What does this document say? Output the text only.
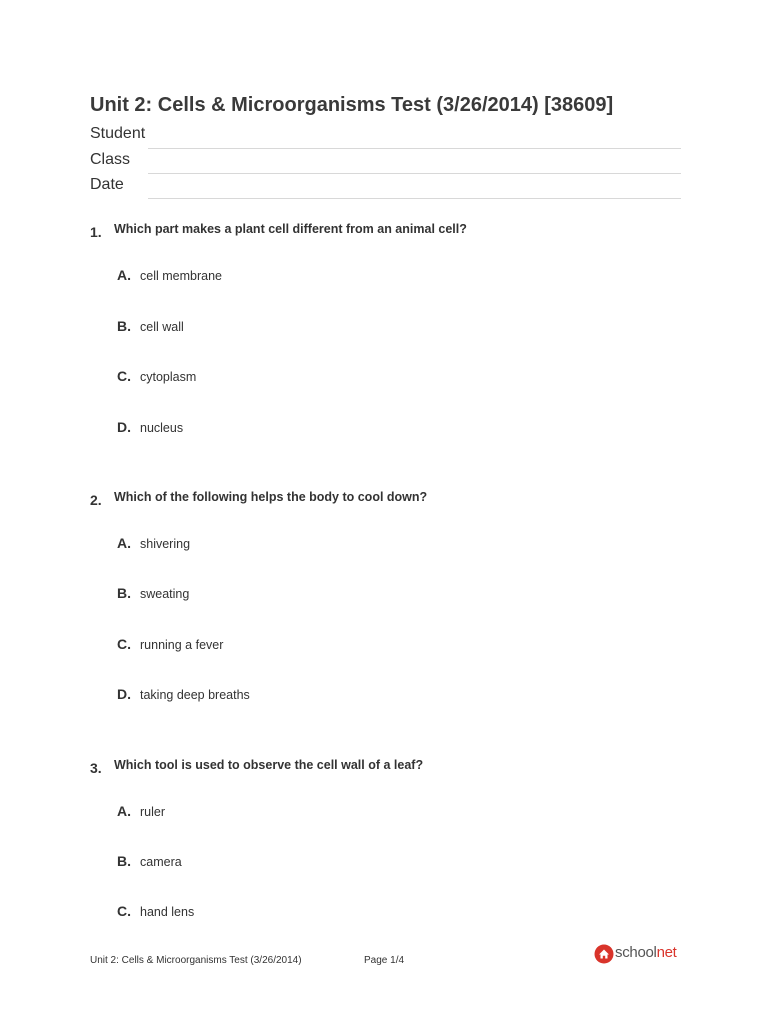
Unit 2: Cells & Microorganisms Test (3/26/2014) [38609]
Student
Class
Date
1. Which part makes a plant cell different from an animal cell?
A. cell membrane
B. cell wall
C. cytoplasm
D. nucleus
2. Which of the following helps the body to cool down?
A. shivering
B. sweating
C. running a fever
D. taking deep breaths
3. Which tool is used to observe the cell wall of a leaf?
A. ruler
B. camera
C. hand lens
Unit 2: Cells & Microorganisms Test (3/26/2014)	Page 1/4	schoolnet
